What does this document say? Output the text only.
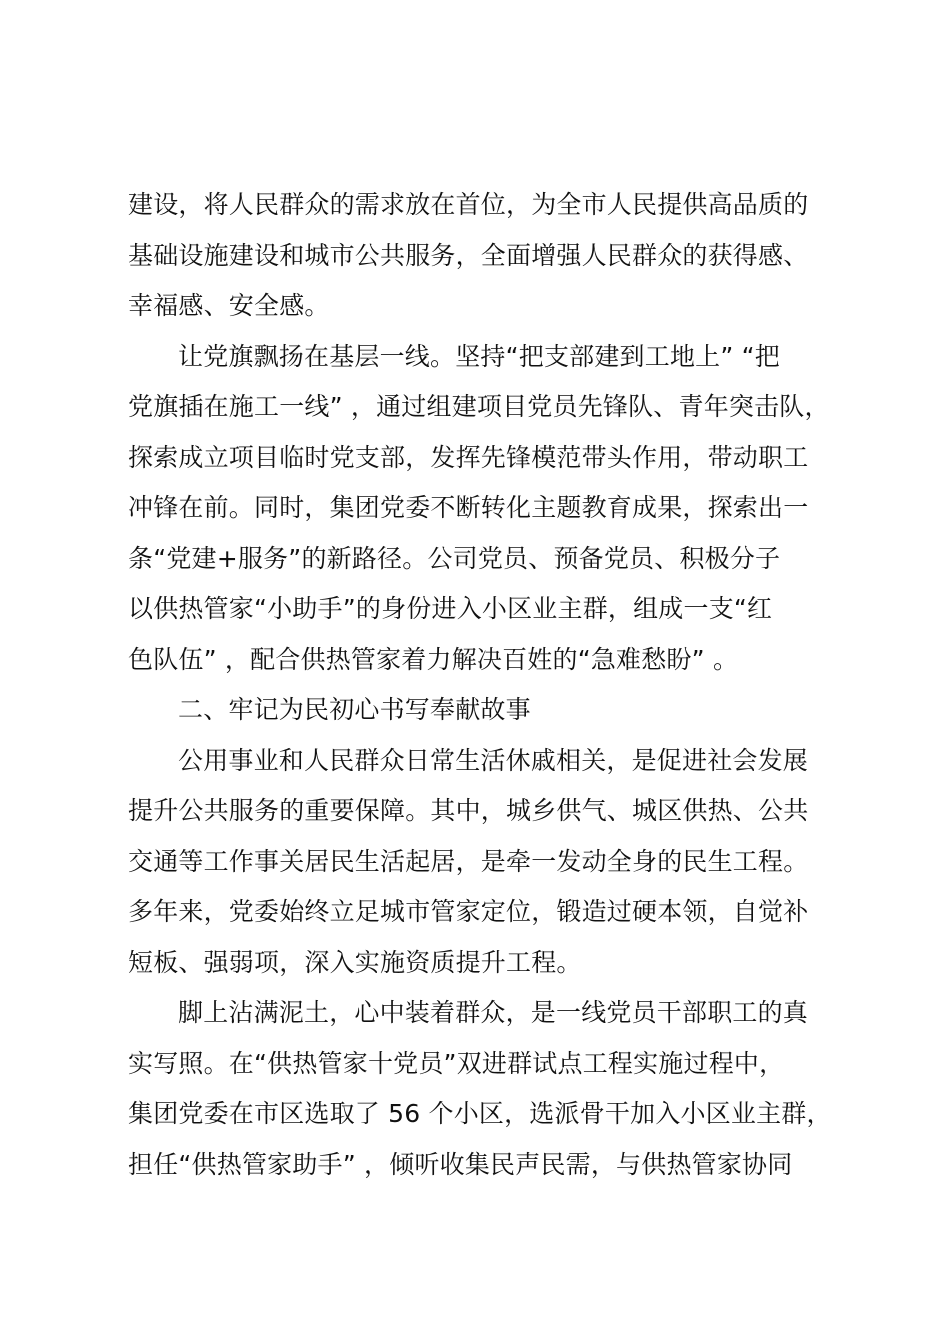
建设，将人民群众的需求放在首位，为全市人民提供高品质的
基础设施建设和城市公共服务，全面增强人民群众的获得感、
幸福感、安全感。
让党旗飘扬在基层一线。坚持“把支部建到工地上” “把
党旗插在施工一线” ，通过组建项目党员先锋队、青年突击队，
探索成立项目临时党支部，发挥先锋模范带头作用，带动职工
冲锋在前。同时，集团党委不断转化主题教育成果，探索出一
条“党建+服务”的新路径。公司党员、预备党员、积极分子
以供热管家“小助手”的身份进入小区业主群，组成一支“红
色队伍” ，配合供热管家着力解决百姓的“急难愁盼” 。
二、牢记为民初心书写奉献故事
公用事业和人民群众日常生活休戚相关，是促进社会发展
提升公共服务的重要保障。其中，城乡供气、城区供热、公共
交通等工作事关居民生活起居，是牵一发动全身的民生工程。
多年来，党委始终立足城市管家定位，锻造过硬本领，自觉补
短板、强弱项，深入实施资质提升工程。
脚上沾满泥土，心中装着群众，是一线党员干部职工的真
实写照。在“供热管家十党员”双进群试点工程实施过程中，
集团党委在市区选取了 56 个小区，选派骨干加入小区业主群，
担任“供热管家助手” ，倾听收集民声民需，与供热管家协同
